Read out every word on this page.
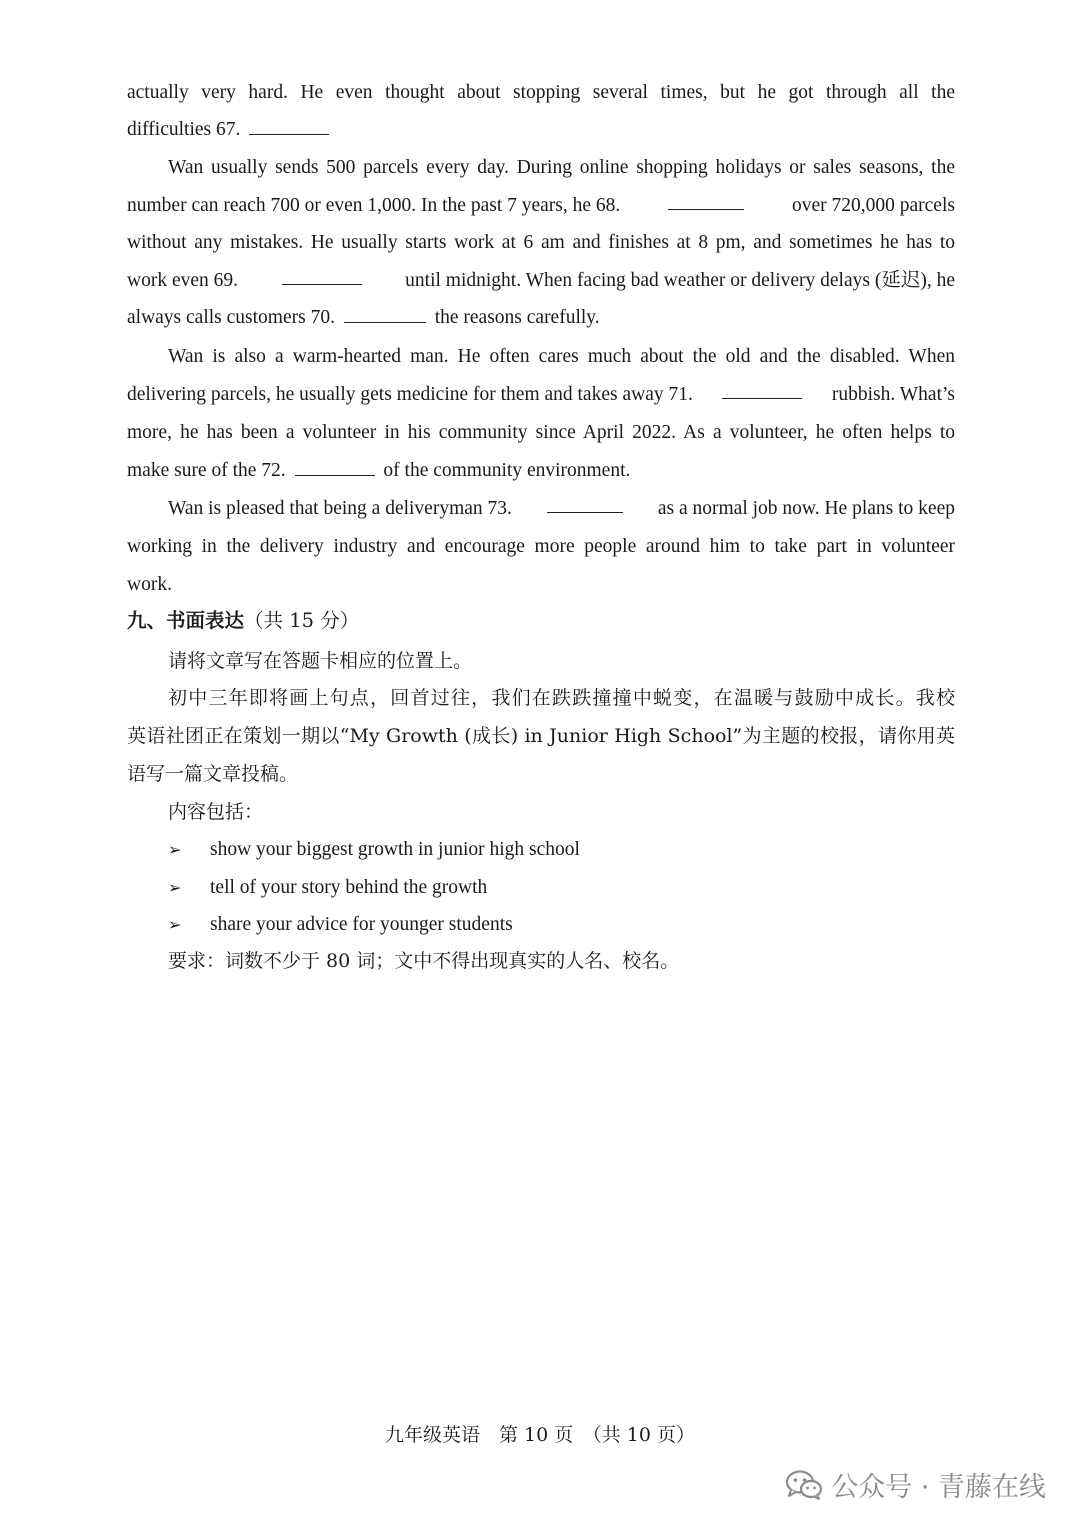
actually very hard. He even thought about stopping several times, but he got through all the
difficulties 67.
Wan usually sends 500 parcels every day. During online shopping holidays or sales seasons, the
number can reach 700 or even 1,000. In the past 7 years, he 68.	over 720,000 parcels
without any mistakes. He usually starts work at 6 am and finishes at 8 pm, and sometimes he has to
work even 69.	until midnight. When facing bad weather or delivery delays (延迟), he
always calls customers 70.	the reasons carefully.
Wan is also a warm-hearted man. He often cares much about the old and the disabled. When
delivering parcels, he usually gets medicine for them and takes away 71.	rubbish. What’s
more, he has been a volunteer in his community since April 2022. As a volunteer, he often helps to
make sure of the 72.	of the community environment.
Wan is pleased that being a deliveryman 73.	as a normal job now. He plans to keep
working in the delivery industry and encourage more people around him to take part in volunteer
work.
九、书面表达（共 15 分）
请将文章写在答题卡相应的位置上。
初中三年即将画上句点，回首过往，我们在跌跌撞撞中蜕变，在温暖与鼓励中成长。我校
英语社团正在策划一期以“My Growth (成长) in Junior High School”为主题的校报，请你用英
语写一篇文章投稿。
内容包括：
➢ show your biggest growth in junior high school
➢ tell of your story behind the growth
➢ share your advice for younger students
要求：词数不少于 80 词；文中不得出现真实的人名、校名。
九年级英语　第 10 页　（共 10 页）
公众号 · 青藤在线
